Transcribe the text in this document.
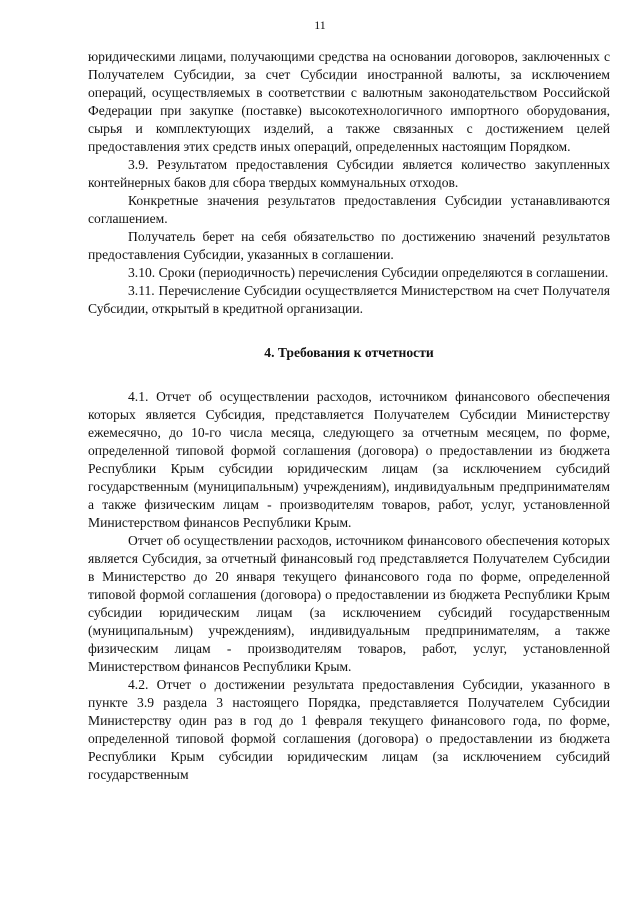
11

юридическими лицами, получающими средства на основании договоров, заключенных с Получателем Субсидии, за счет Субсидии иностранной валюты, за исключением операций, осуществляемых в соответствии с валютным законодательством Российской Федерации при закупке (поставке) высокотехнологичного импортного оборудования, сырья и комплектующих изделий, а также связанных с достижением целей предоставления этих средств иных операций, определенных настоящим Порядком.

3.9. Результатом предоставления Субсидии является количество закупленных контейнерных баков для сбора твердых коммунальных отходов.

Конкретные значения результатов предоставления Субсидии устанавливаются соглашением.

Получатель берет на себя обязательство по достижению значений результатов предоставления Субсидии, указанных в соглашении.

3.10. Сроки (периодичность) перечисления Субсидии определяются в соглашении.

3.11. Перечисление Субсидии осуществляется Министерством на счет Получателя Субсидии, открытый в кредитной организации.

4. Требования к отчетности

4.1. Отчет об осуществлении расходов, источником финансового обеспечения которых является Субсидия, представляется Получателем Субсидии Министерству ежемесячно, до 10-го числа месяца, следующего за отчетным месяцем, по форме, определенной типовой формой соглашения (договора) о предоставлении из бюджета Республики Крым субсидии юридическим лицам (за исключением субсидий государственным (муниципальным) учреждениям), индивидуальным предпринимателям а также физическим лицам - производителям товаров, работ, услуг, установленной Министерством финансов Республики Крым.

Отчет об осуществлении расходов, источником финансового обеспечения которых является Субсидия, за отчетный финансовый год представляется Получателем Субсидии в Министерство до 20 января текущего финансового года по форме, определенной типовой формой соглашения (договора) о предоставлении из бюджета Республики Крым субсидии юридическим лицам (за исключением субсидий государственным (муниципальным) учреждениям), индивидуальным предпринимателям, а также физическим лицам - производителям товаров, работ, услуг, установленной Министерством финансов Республики Крым.

4.2. Отчет о достижении результата предоставления Субсидии, указанного в пункте 3.9 раздела 3 настоящего Порядка, представляется Получателем Субсидии Министерству один раз в год до 1 февраля текущего финансового года, по форме, определенной типовой формой соглашения (договора) о предоставлении из бюджета Республики Крым субсидии юридическим лицам (за исключением субсидий государственным
